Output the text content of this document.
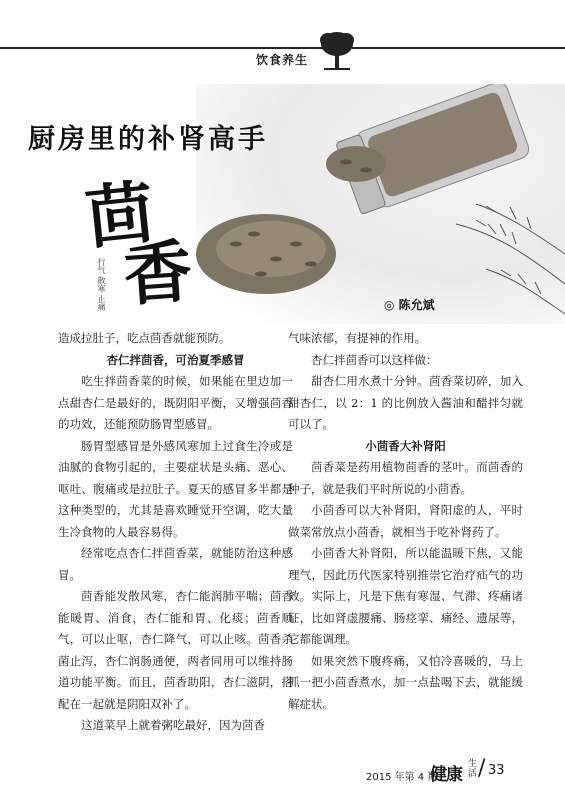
饮食养生
厨房里的补肾高手
茴
香
行气 散寒 止痛	◎ 陈允斌

造成拉肚子，吃点茴香就能预防。

杏仁拌茴香，可治夏季感冒

吃生拌茴香菜的时候，如果能在里边加一点甜杏仁是最好的，既阴阳平衡，又增强茴香的功效，还能预防肠胃型感冒。

肠胃型感冒是外感风寒加上过食生冷或是油腻的食物引起的，主要症状是头痛、恶心、呕吐、腹痛或是拉肚子。夏天的感冒多半都是这种类型的，尤其是喜欢睡觉开空调，吃大量生冷食物的人最容易得。

经常吃点杏仁拌茴香菜，就能防治这种感冒。

茴香能发散风寒，杏仁能润肺平喘；茴香能暖胃、消食，杏仁能和胃、化痰；茴香顺气，可以止呕，杏仁降气，可以止咳。茴香杀菌止泻，杏仁润肠通便，两者同用可以维持肠道功能平衡。而且，茴香助阳，杏仁滋阴，搭配在一起就是阴阳双补了。

这道菜早上就着粥吃最好，因为茴香

气味浓郁，有提神的作用。

杏仁拌茴香可以这样做：

甜杏仁用水煮十分钟。茴香菜切碎，加入甜杏仁，以 2：1 的比例放入酱油和醋拌匀就可以了。

小茴香大补肾阳

茴香菜是药用植物茴香的茎叶。而茴香的种子，就是我们平时所说的小茴香。

小茴香可以大补肾阳，肾阳虚的人，平时做菜常放点小茴香，就相当于吃补肾药了。

小茴香大补肾阳，所以能温暖下焦，又能理气，因此历代医家特别推崇它治疗疝气的功效。实际上，凡是下焦有寒湿、气滞、疼痛诸证，比如肾虚腰痛、肠痉挛、痛经、遗尿等，它都能调理。

如果突然下腹疼痛，又怕冷喜暖的，马上抓一把小茴香煮水，加一点盐喝下去，就能缓解症状。

2015 年第 4 期
健康
生活 / 33
